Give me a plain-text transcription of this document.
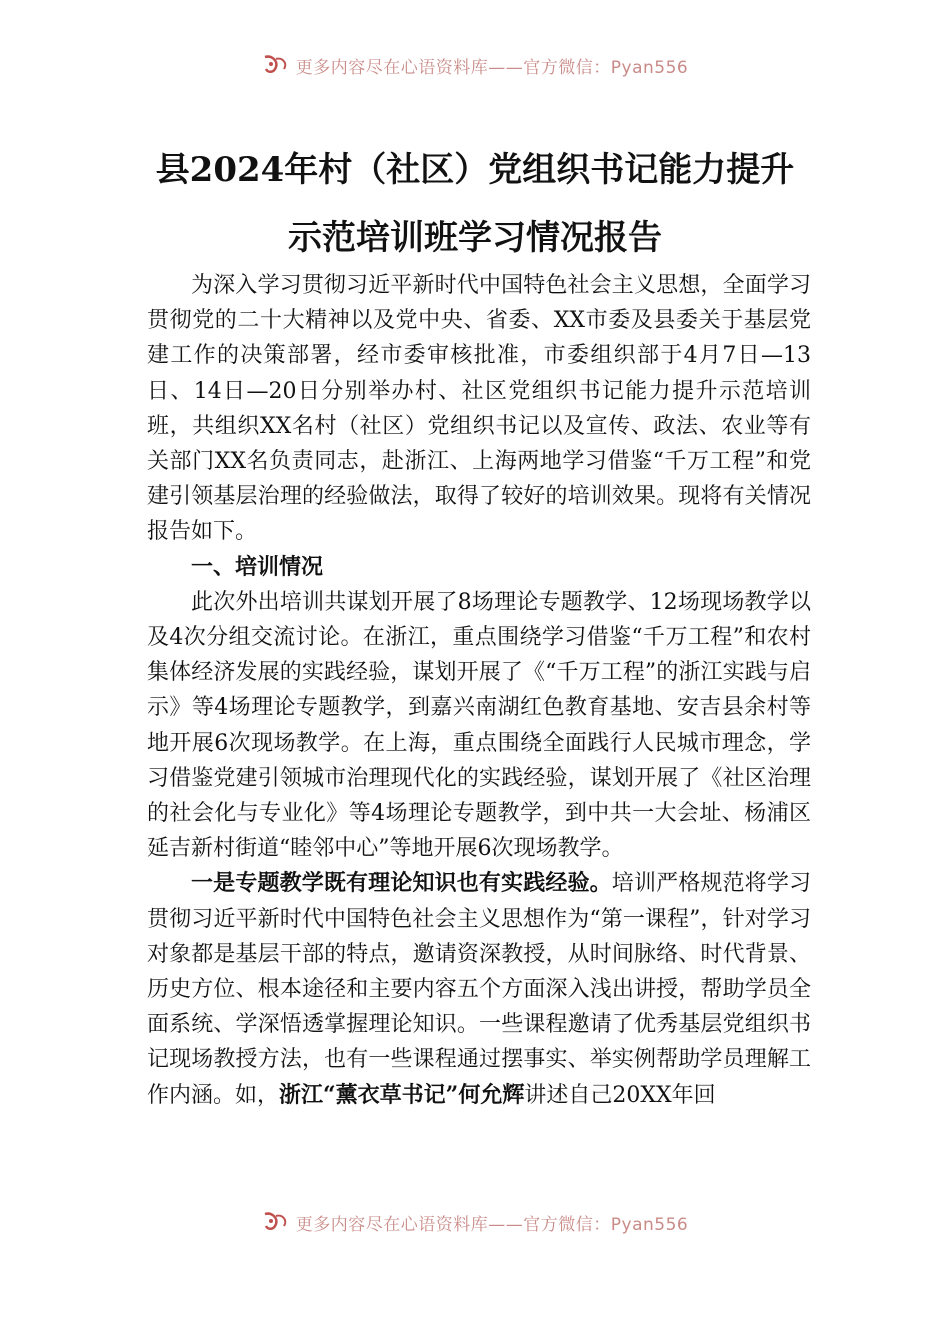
更多内容尽在心语资料库——官方微信：Pyan556
县2024年村（社区）党组织书记能力提升
示范培训班学习情况报告

为深入学习贯彻习近平新时代中国特色社会主义思想，全面学习贯彻党的二十大精神以及党中央、省委、XX市委及县委关于基层党建工作的决策部署，经市委审核批准，市委组织部于4月7日—13日、14日—20日分别举办村、社区党组织书记能力提升示范培训班，共组织XX名村（社区）党组织书记以及宣传、政法、农业等有关部门XX名负责同志，赴浙江、上海两地学习借鉴“千万工程”和党建引领基层治理的经验做法，取得了较好的培训效果。现将有关情况报告如下。

一、培训情况

此次外出培训共谋划开展了8场理论专题教学、12场现场教学以及4次分组交流讨论。在浙江，重点围绕学习借鉴“千万工程”和农村集体经济发展的实践经验，谋划开展了《“千万工程”的浙江实践与启示》等4场理论专题教学，到嘉兴南湖红色教育基地、安吉县余村等地开展6次现场教学。在上海，重点围绕全面践行人民城市理念，学习借鉴党建引领城市治理现代化的实践经验，谋划开展了《社区治理的社会化与专业化》等4场理论专题教学，到中共一大会址、杨浦区延吉新村街道“睦邻中心”等地开展6次现场教学。

一是专题教学既有理论知识也有实践经验。培训严格规范将学习贯彻习近平新时代中国特色社会主义思想作为“第一课程”，针对学习对象都是基层干部的特点，邀请资深教授，从时间脉络、时代背景、历史方位、根本途径和主要内容五个方面深入浅出讲授，帮助学员全面系统、学深悟透掌握理论知识。一些课程邀请了优秀基层党组织书记现场教授方法，也有一些课程通过摆事实、举实例帮助学员理解工作内涵。如，浙江“薰衣草书记”何允辉讲述自己20XX年回

更多内容尽在心语资料库——官方微信：Pyan556
